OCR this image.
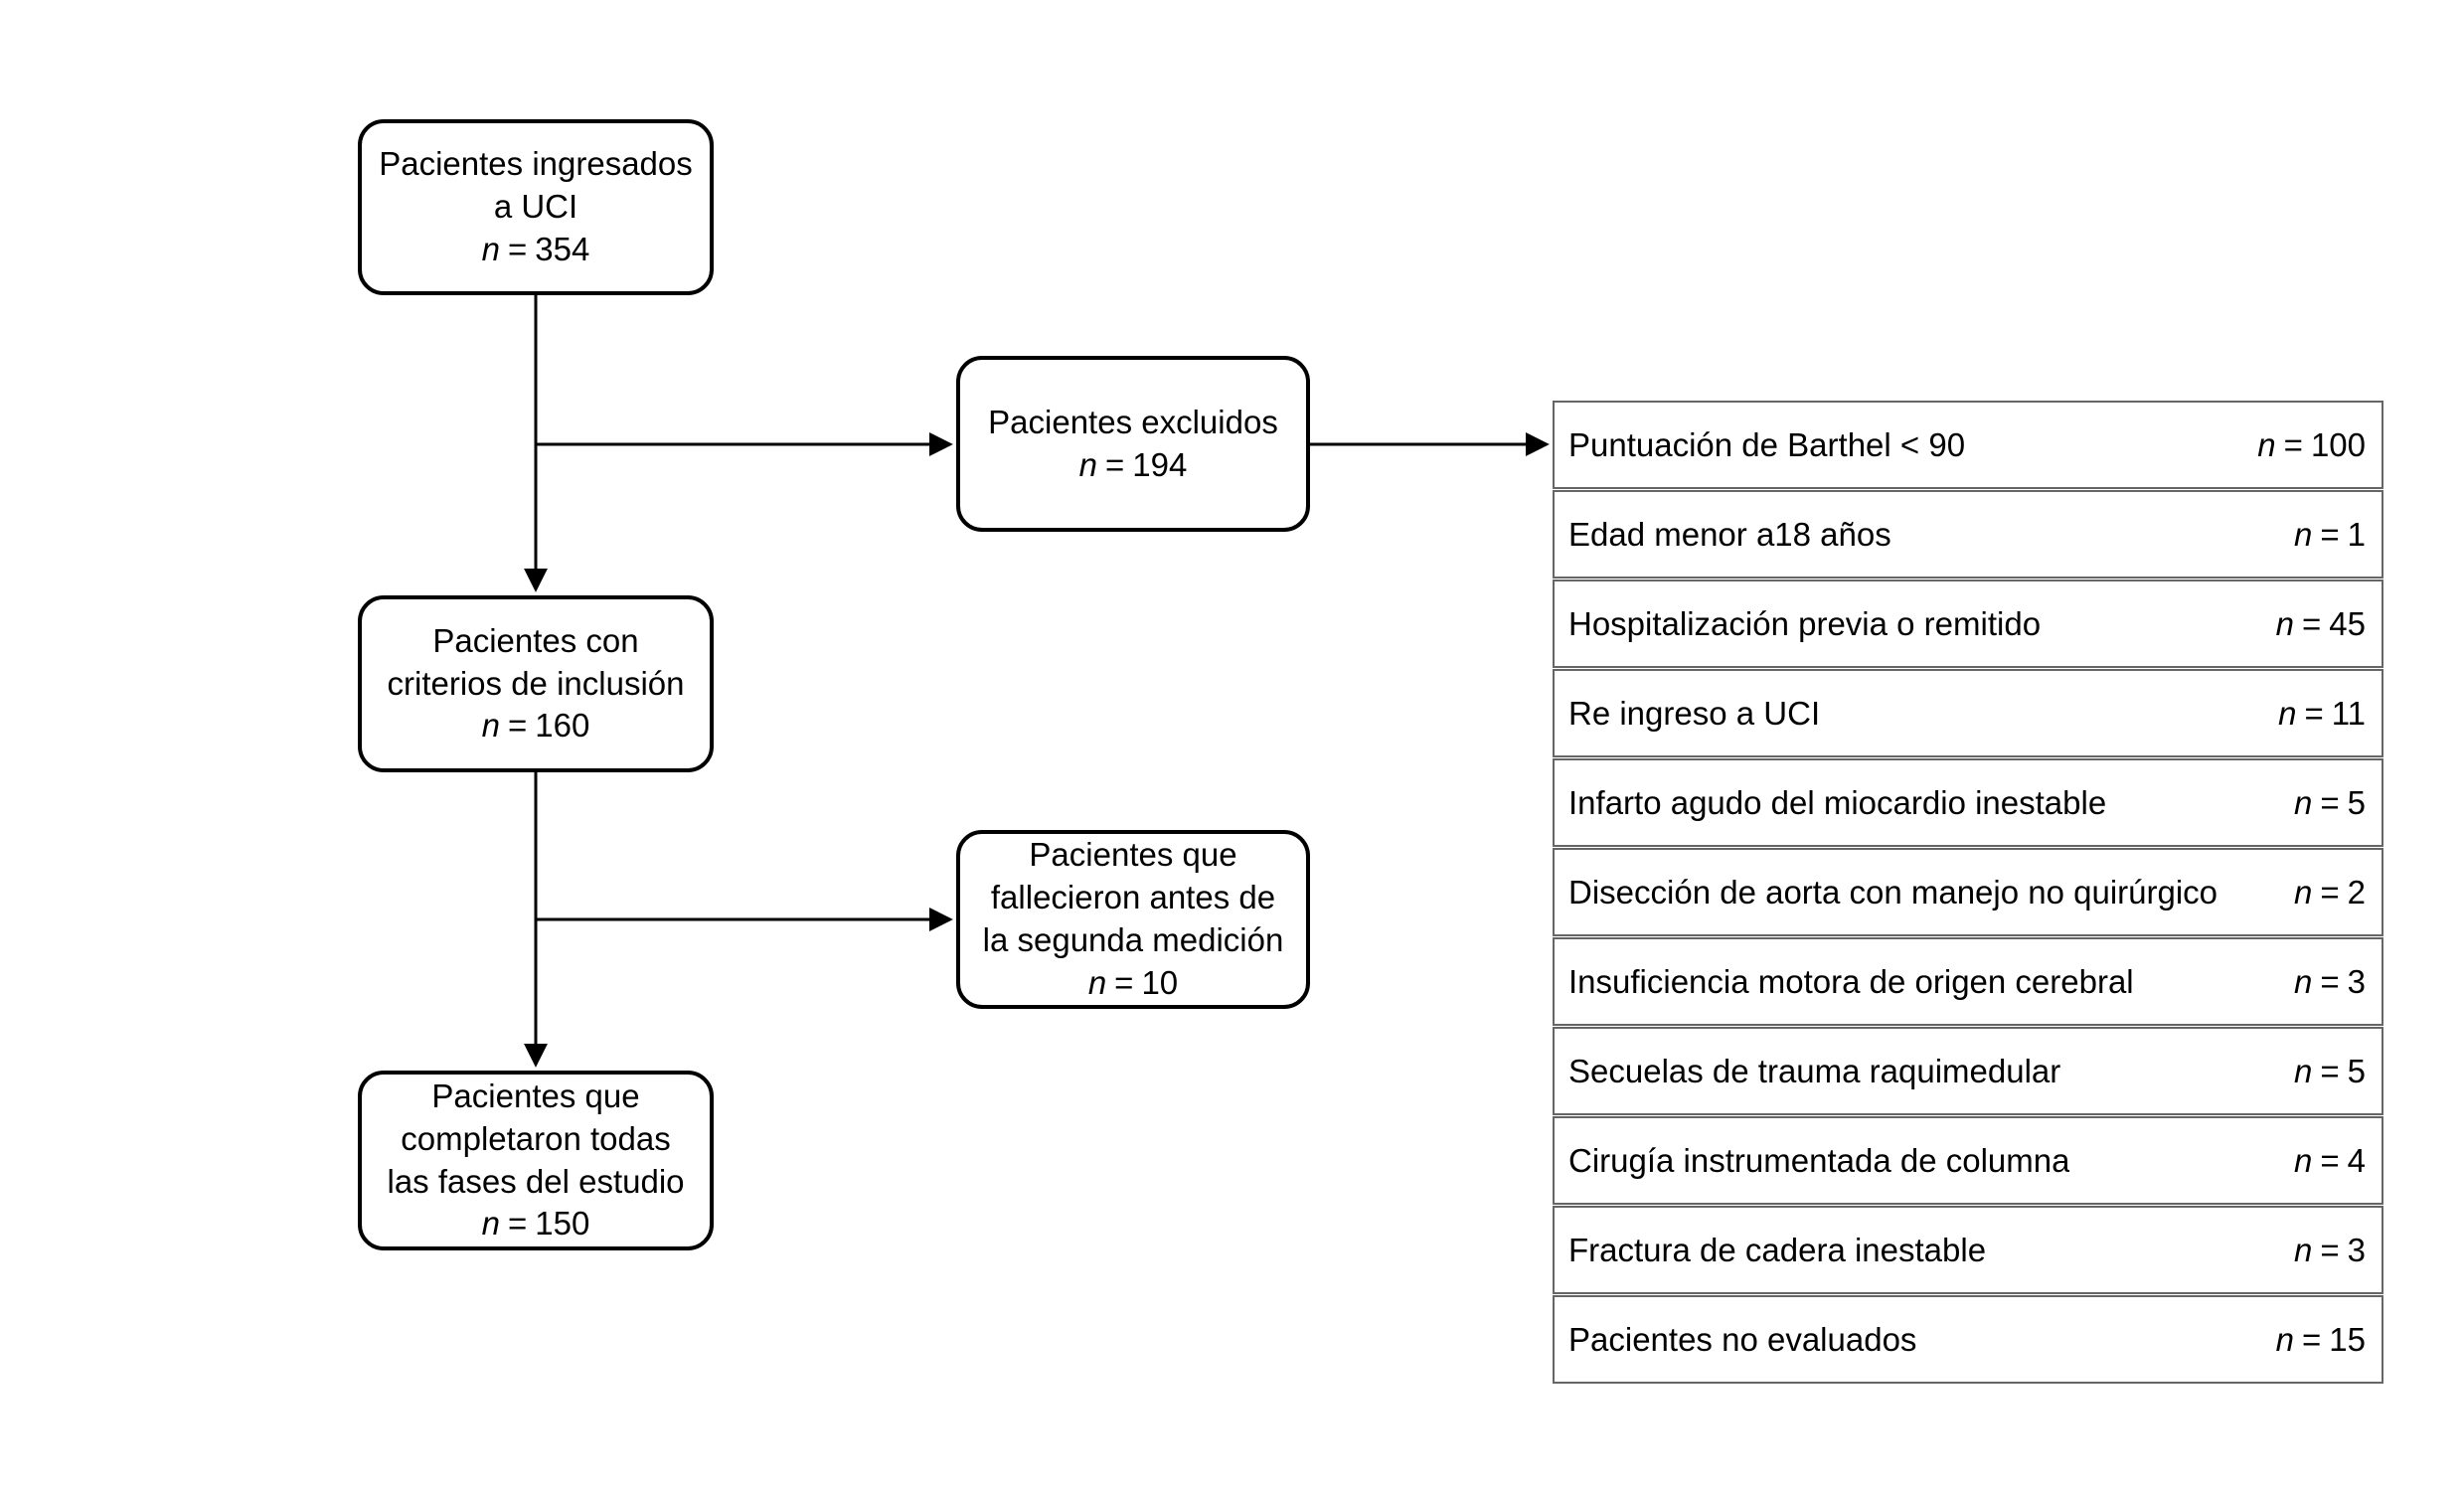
Pacientes ingresados
a UCI
n = 354
Pacientes excluidos
n = 194
Pacientes con
criterios de inclusión
n = 160
Pacientes que
fallecieron antes de
la segunda medición
n = 10
Pacientes que
completaron todas
las fases del estudio
n = 150
Puntuación de Barthel < 90	n = 100
Edad menor a18 años	n = 1
Hospitalización previa o remitido	n = 45
Re ingreso a UCI	n = 11
Infarto agudo del miocardio inestable	n = 5
Disección de aorta con manejo no quirúrgico	n = 2
Insuficiencia motora de origen cerebral	n = 3
Secuelas de trauma raquimedular	n = 5
Cirugía instrumentada de columna	n = 4
Fractura de cadera inestable	n = 3
Pacientes no evaluados	n = 15
